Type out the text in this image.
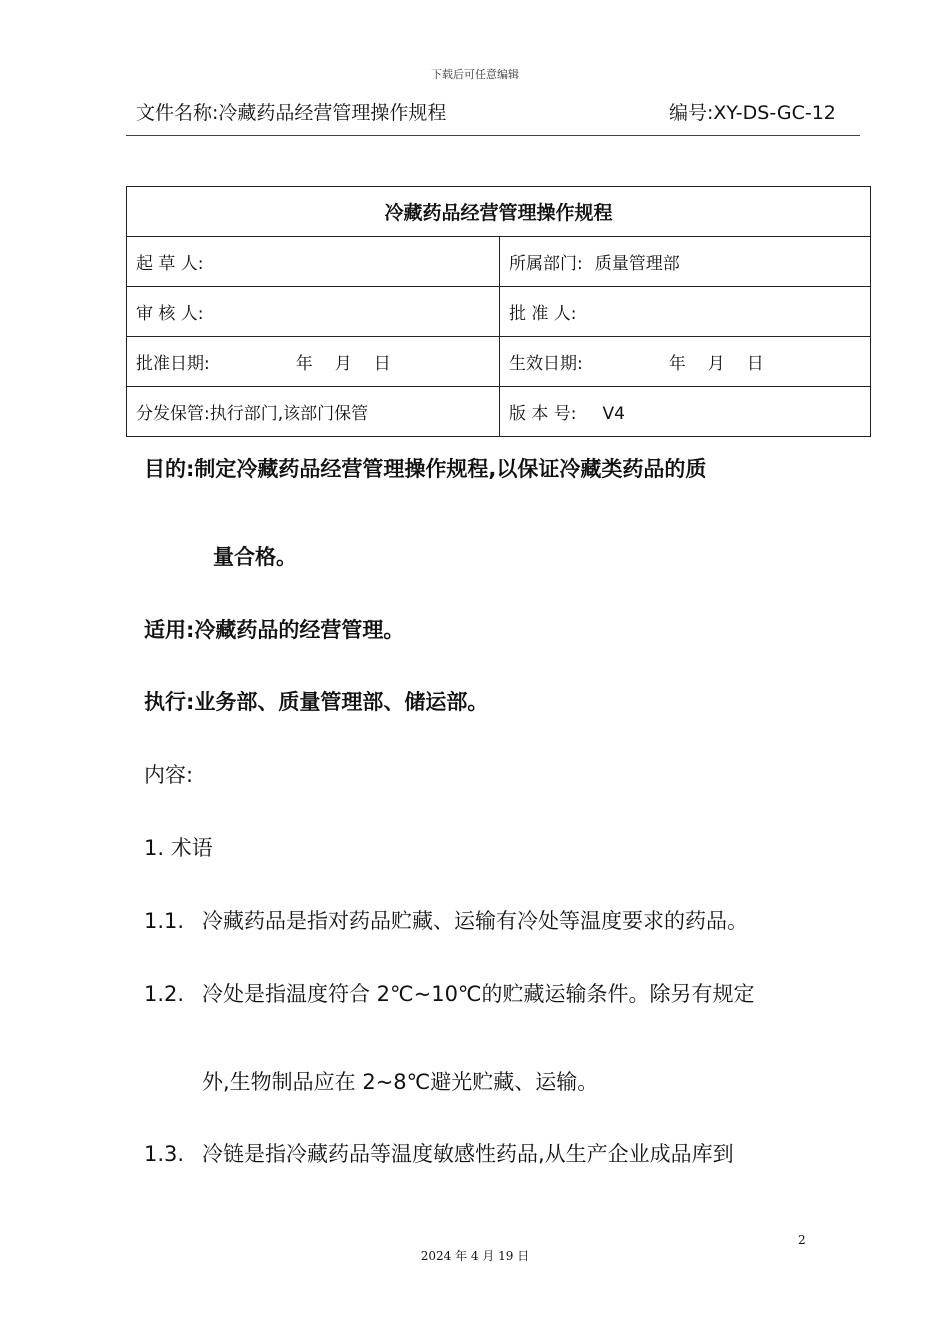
下载后可任意编辑
文件名称:冷藏药品经营管理操作规程	编号:XY-DS-GC-12
冷藏药品经营管理操作规程	
起 草 人:	所属部门: 质量管理部
审 核 人:	批 准 人:
批准日期: 年 月 日	生效日期: 年 月 日
分发保管:执行部门,该部门保管	版 本 号: V4
目的:制定冷藏药品经营管理操作规程,以保证冷藏类药品的质
量合格。
适用:冷藏药品的经营管理。
执行:业务部、质量管理部、储运部。
内容:
1. 术语
1.1. 冷藏药品是指对药品贮藏、运输有冷处等温度要求的药品。
1.2. 冷处是指温度符合 2℃~10℃的贮藏运输条件。除另有规定
外,生物制品应在 2~8℃避光贮藏、运输。
1.3. 冷链是指冷藏药品等温度敏感性药品,从生产企业成品库到
2
2024 年 4 月 19 日
